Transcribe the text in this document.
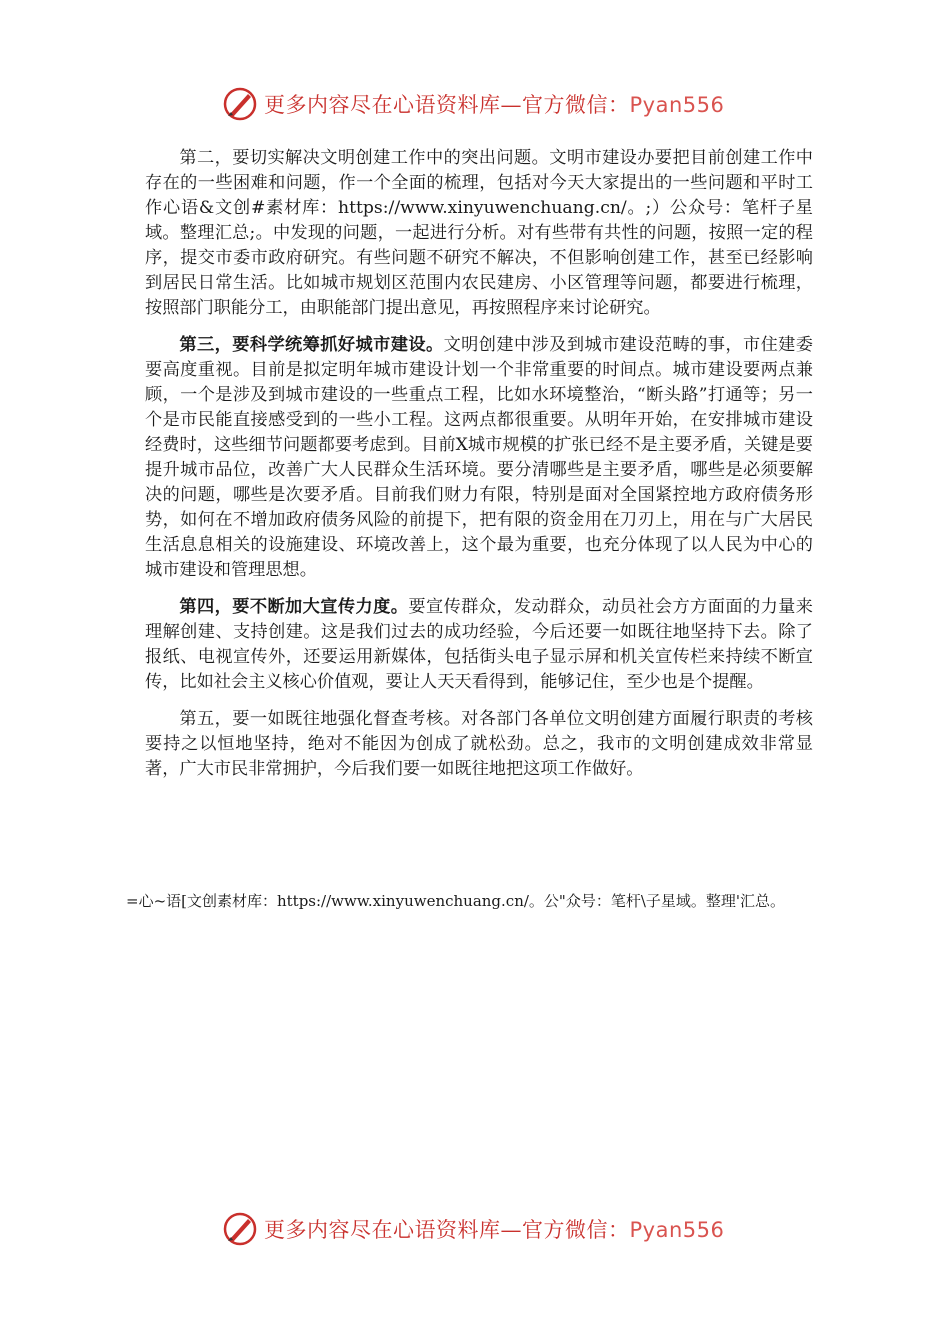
更多内容尽在心语资料库—官方微信：Pyan556

第二，要切实解决文明创建工作中的突出问题。文明市建设办要把目前创建工作中存在的一些困难和问题，作一个全面的梳理，包括对今天大家提出的一些问题和平时工作心语&文创#素材库：https://www.xinyuwenchuang.cn/。;）公众号：笔杆子星域。整理汇总;。中发现的问题，一起进行分析。对有些带有共性的问题，按照一定的程序，提交市委市政府研究。有些问题不研究不解决，不但影响创建工作，甚至已经影响到居民日常生活。比如城市规划区范围内农民建房、小区管理等问题，都要进行梳理，按照部门职能分工，由职能部门提出意见，再按照程序来讨论研究。

第三，要科学统筹抓好城市建设。文明创建中涉及到城市建设范畴的事，市住建委要高度重视。目前是拟定明年城市建设计划一个非常重要的时间点。城市建设要两点兼顾，一个是涉及到城市建设的一些重点工程，比如水环境整治，“断头路”打通等；另一个是市民能直接感受到的一些小工程。这两点都很重要。从明年开始，在安排城市建设经费时，这些细节问题都要考虑到。目前X城市规模的扩张已经不是主要矛盾，关键是要提升城市品位，改善广大人民群众生活环境。要分清哪些是主要矛盾，哪些是必须要解决的问题，哪些是次要矛盾。目前我们财力有限，特别是面对全国紧控地方政府债务形势，如何在不增加政府债务风险的前提下，把有限的资金用在刀刃上，用在与广大居民生活息息相关的设施建设、环境改善上，这个最为重要，也充分体现了以人民为中心的城市建设和管理思想。

第四，要不断加大宣传力度。要宣传群众，发动群众，动员社会方方面面的力量来理解创建、支持创建。这是我们过去的成功经验，今后还要一如既往地坚持下去。除了报纸、电视宣传外，还要运用新媒体，包括街头电子显示屏和机关宣传栏来持续不断宣传，比如社会主义核心价值观，要让人天天看得到，能够记住，至少也是个提醒。

第五，要一如既往地强化督查考核。对各部门各单位文明创建方面履行职责的考核要持之以恒地坚持，绝对不能因为创成了就松劲。总之，我市的文明创建成效非常显著，广大市民非常拥护，今后我们要一如既往地把这项工作做好。

=心~语[文创素材库：https://www.xinyuwenchuang.cn/。公"众号：笔杆\子星域。整理'汇总。
更多内容尽在心语资料库—官方微信：Pyan556
